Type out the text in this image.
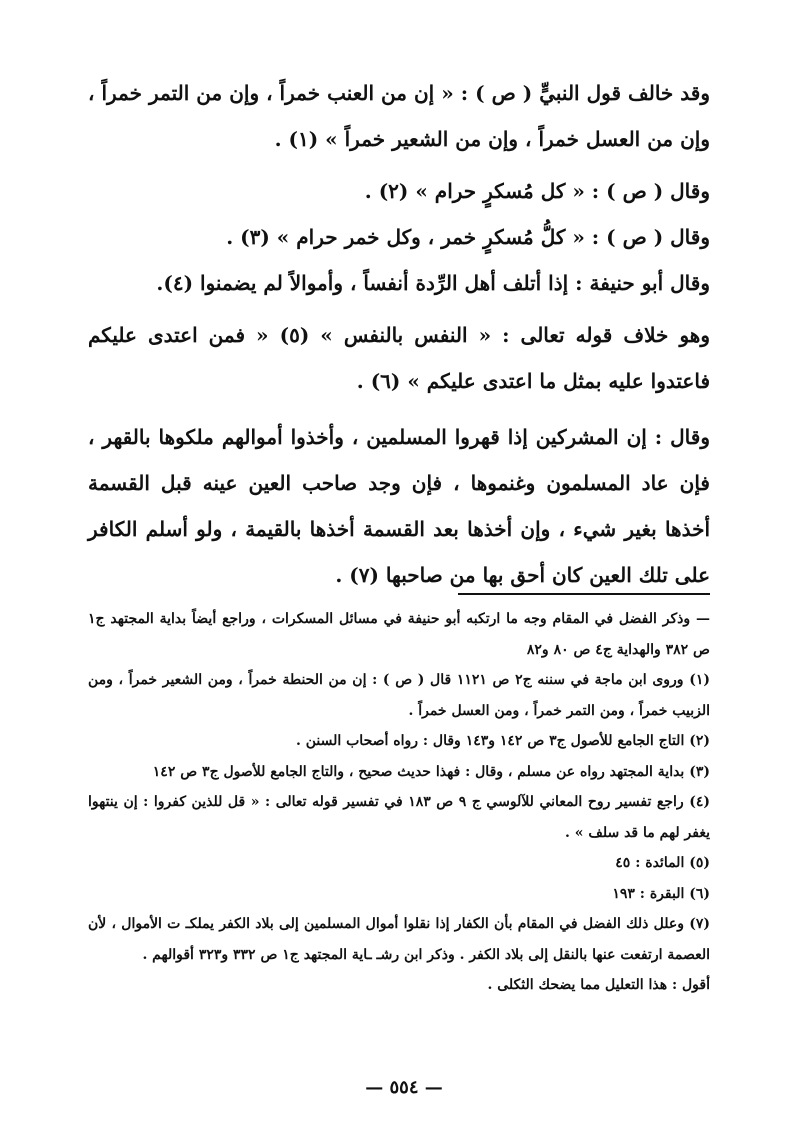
وقد خالف قول النبيٍّ ( ص ) : « إن من العنب خمراً ، وإن من التمر خمراً ، وإن من العسل خمراً ، وإن من الشعير خمراً » (١) .

وقال ( ص ) : « كل مُسكرٍ حرام » (٢) .

وقال ( ص ) : « كلُّ مُسكرٍ خمر ، وكل خمر حرام » (٣) .

وقال أبو حنيفة : إذا أتلف أهل الرِّدة أنفساً ، وأموالاً لم يضمنوا (٤).

وهو خلاف قوله تعالى : « النفس بالنفس » (٥) « فمن اعتدى عليكم فاعتدوا عليه بمثل ما اعتدى عليكم » (٦) .

وقال : إن المشركين إذا قهروا المسلمين ، وأخذوا أموالهم ملكوها بالقهر ، فإن عاد المسلمون وغنموها ، فإن وجد صاحب العين عينه قبل القسمة أخذها بغير شيء ، وإن أخذها بعد القسمة أخذها بالقيمة ، ولو أسلم الكافر على تلك العين كان أحق بها من صاحبها (٧) .

— وذكر الفضل في المقام وجه ما ارتكبه أبو حنيفة في مسائل المسكرات ، وراجع أيضاً بداية المجتهد ج١ ص ٣٨٢ والهداية ج٤ ص ٨٠ و٨٢

(١) وروى ابن ماجة في سننه ج٢ ص ١١٢١ قال ( ص ) : إن من الحنطة خمراً ، ومن الشعير خمراً ، ومن الزبيب خمراً ، ومن التمر خمراً ، ومن العسل خمراً .

(٢) التاج الجامع للأصول ج٣ ص ١٤٢ و١٤٣ وقال : رواه أصحاب السنن .

(٣) بداية المجتهد رواه عن مسلم ، وقال : فهذا حديث صحيح ، والتاج الجامع للأصول ج٣ ص ١٤٢

(٤) راجع تفسير روح المعاني للآلوسي ج ٩ ص ١٨٣ في تفسير قوله تعالى : « قل للذين كفروا : إن ينتهوا يغفر لهم ما قد سلف » .

(٥) المائدة : ٤٥

(٦) البقرة : ١٩٣

(٧) وعلل ذلك الفضل في المقام بأن الكفار إذا نقلوا أموال المسلمين إلى بلاد الكفر يملكـ ت الأموال ، لأن العصمة ارتفعت عنها بالنقل إلى بلاد الكفر . وذكر ابن رشـ ـاية المجتهد ج١ ص ٣٣٢ و٣٢٣ أقوالهم .

أقول : هذا التعليل مما يضحك الثكلى .

— ٥٥٤ —
